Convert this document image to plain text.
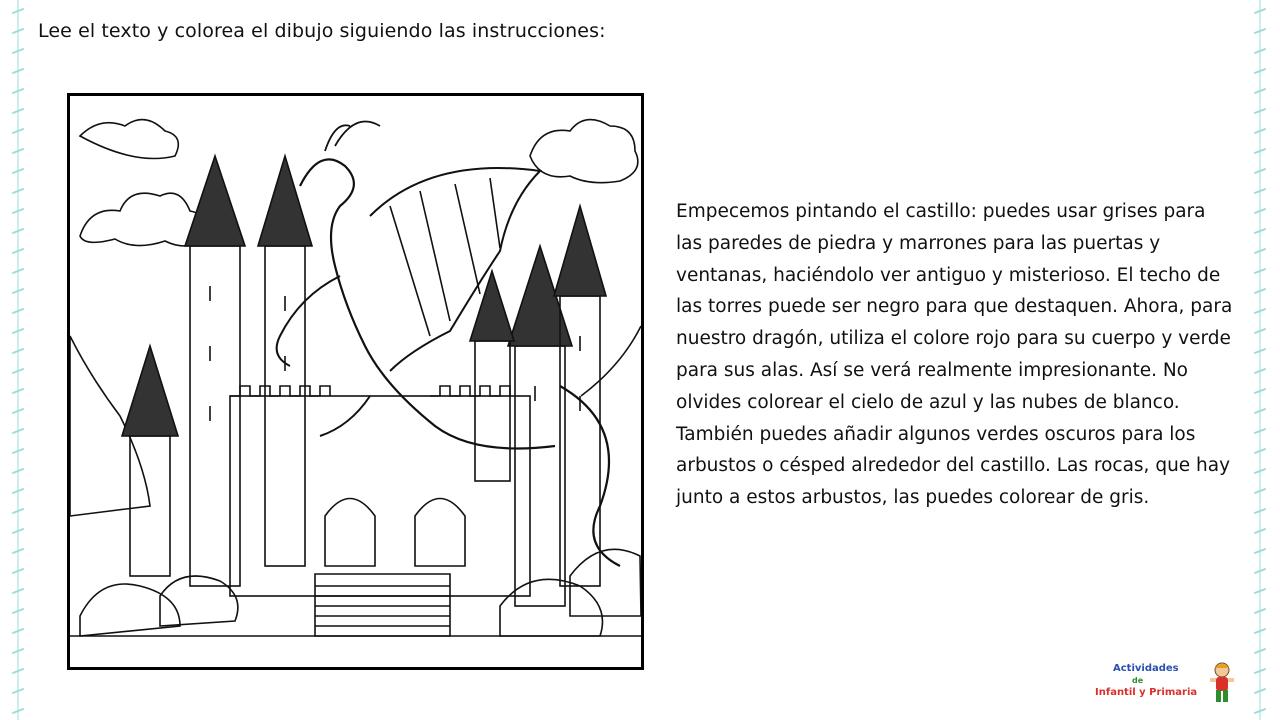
Lee el texto y colorea el dibujo siguiendo las instrucciones:
Empecemos pintando el castillo: puedes usar grises para las paredes de piedra y marrones para las puertas y ventanas, haciéndolo ver antiguo y misterioso. El techo de las torres puede ser negro para que destaquen. Ahora, para nuestro dragón, utiliza el colore rojo para su cuerpo y verde para sus alas. Así se verá realmente impresionante. No olvides colorear el cielo de azul y las nubes de blanco. También puedes añadir algunos verdes oscuros para los arbustos o césped alrededor del castillo. Las rocas, que hay junto a estos arbustos, las puedes colorear de gris.
Actividades
de
Infantil y Primaria
